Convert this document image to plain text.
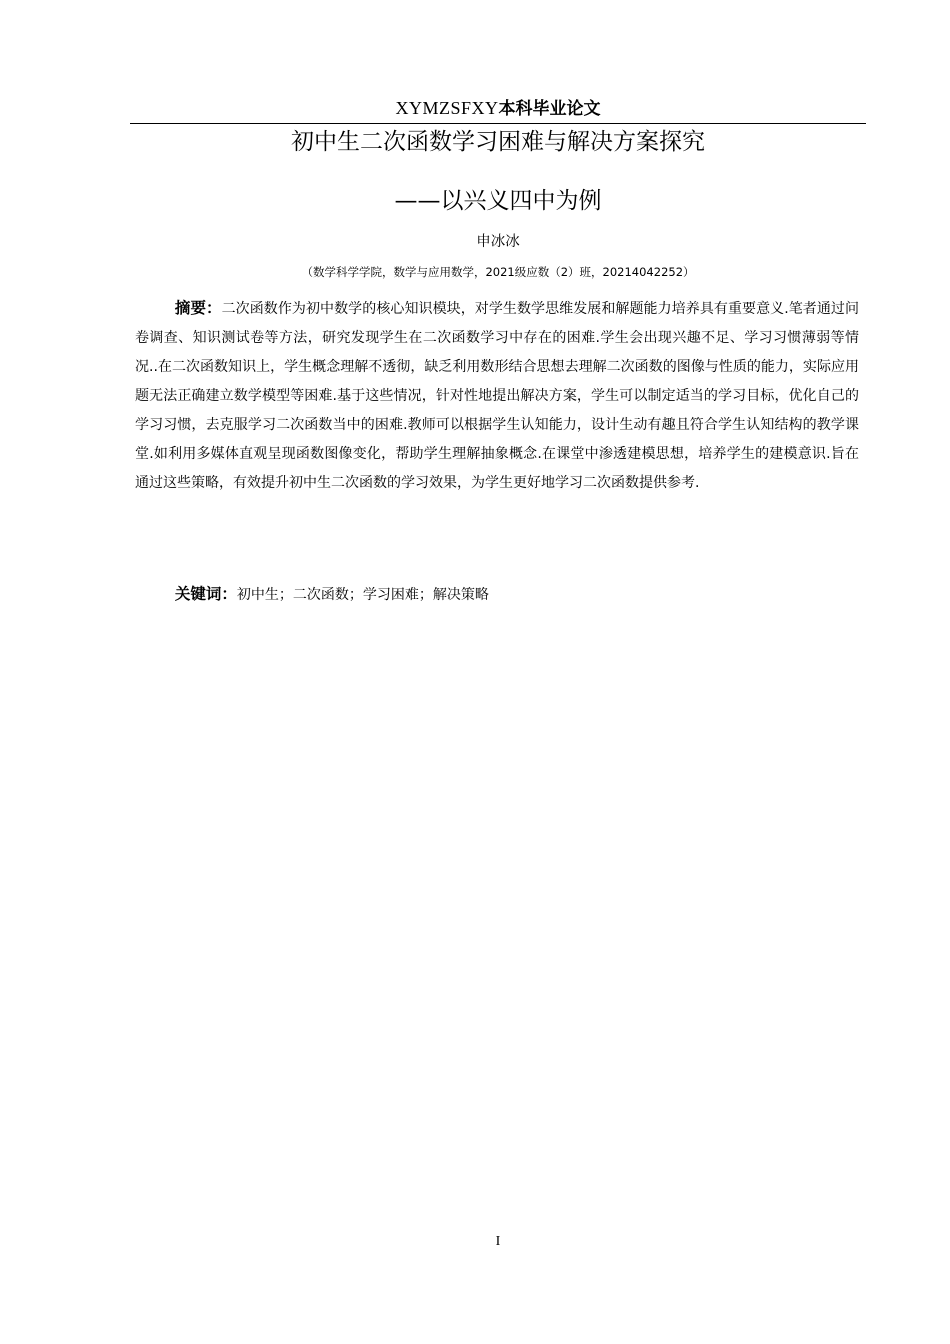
XYMZSFXY本科毕业论文
初中生二次函数学习困难与解决方案探究
——以兴义四中为例
申冰冰
（数学科学学院，数学与应用数学，2021级应数（2）班，20214042252）
摘要：二次函数作为初中数学的核心知识模块，对学生数学思维发展和解题能力培养具有重要意义.笔者通过问卷调查、知识测试卷等方法，研究发现学生在二次函数学习中存在的困难.学生会出现兴趣不足、学习习惯薄弱等情况..在二次函数知识上，学生概念理解不透彻，缺乏利用数形结合思想去理解二次函数的图像与性质的能力，实际应用题无法正确建立数学模型等困难.基于这些情况，针对性地提出解决方案，学生可以制定适当的学习目标，优化自己的学习习惯，去克服学习二次函数当中的困难.教师可以根据学生认知能力，设计生动有趣且符合学生认知结构的教学课堂.如利用多媒体直观呈现函数图像变化，帮助学生理解抽象概念.在课堂中渗透建模思想，培养学生的建模意识.旨在通过这些策略，有效提升初中生二次函数的学习效果，为学生更好地学习二次函数提供参考.
关键词：初中生；二次函数；学习困难；解决策略
I
